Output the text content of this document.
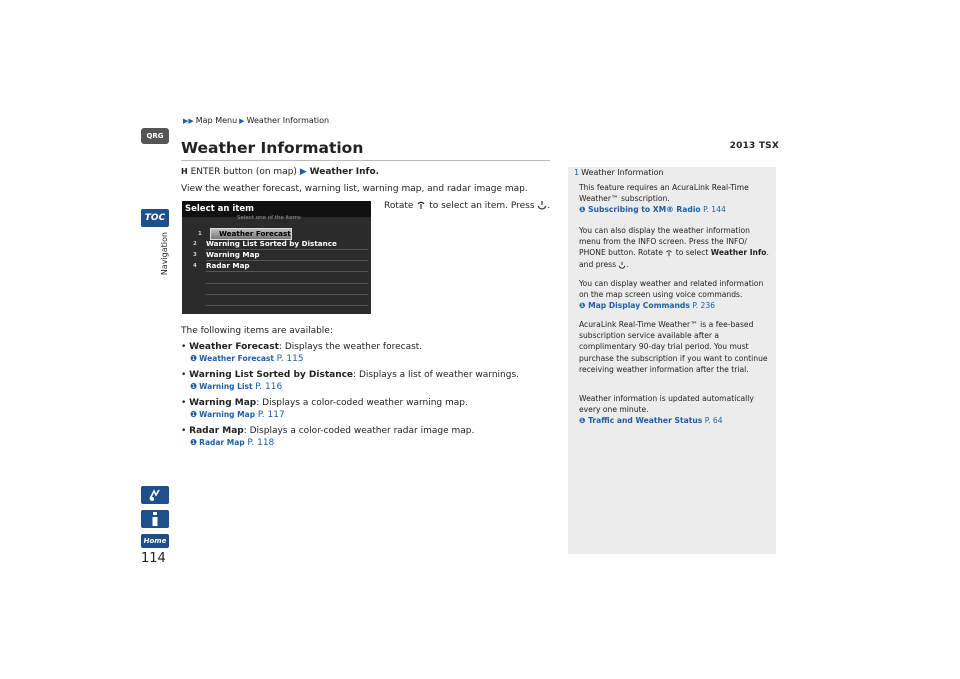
▶▶ Map Menu ▶ Weather Information
2013 TSX
QRG
TOC
Navigation
Home
114
Weather Information
H ENTER button (on map) ▶ Weather Info.
View the weather forecast, warning list, warning map, and radar image map.
Rotate to select an item. Press .
Select an item
Select one of the items
1 Weather Forecast
2 Warning List Sorted by Distance
3 Warning Map
4 Radar Map
The following items are available:
• Weather Forecast: Displays the weather forecast.
❶ Weather Forecast P. 115
• Warning List Sorted by Distance: Displays a list of weather warnings.
❶ Warning List P. 116
• Warning Map: Displays a color-coded weather warning map.
❶ Warning Map P. 117
• Radar Map: Displays a color-coded weather radar image map.
❶ Radar Map P. 118
1 Weather Information
This feature requires an AcuraLink Real-Time Weather™ subscription.
❶ Subscribing to XM® Radio P. 144
You can also display the weather information menu from the INFO screen. Press the INFO/ PHONE button. Rotate to select Weather Info. and press .
You can display weather and related information on the map screen using voice commands.
❶ Map Display Commands P. 236
AcuraLink Real-Time Weather™ is a fee-based subscription service available after a complimentary 90-day trial period. You must purchase the subscription if you want to continue receiving weather information after the trial.
Weather information is updated automatically every one minute.
❶ Traffic and Weather Status P. 64
